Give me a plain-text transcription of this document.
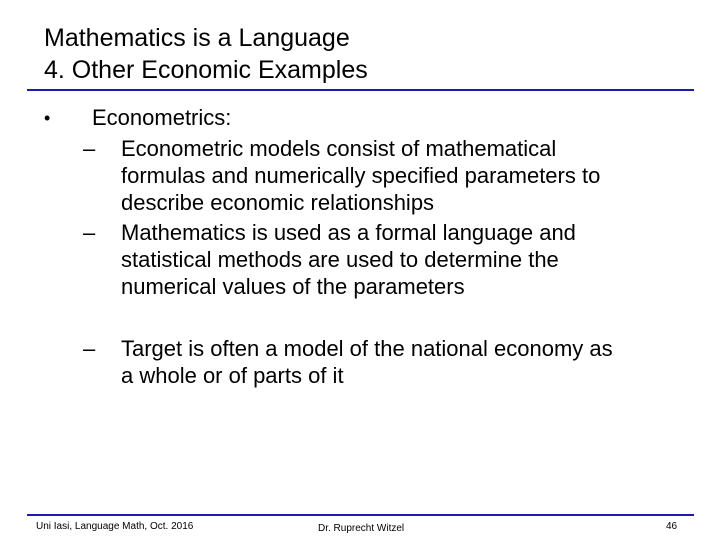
Mathematics is a Language
4. Other Economic Examples
• Econometrics:
– Econometric models consist of mathematical
formulas and numerically specified parameters to
describe economic relationships
– Mathematics is used as a formal language and
statistical methods are used to determine the
numerical values of the parameters
– Target is often a model of the national economy as
a whole or of parts of it
Uni Iasi, Language Math, Oct. 2016	Dr. Ruprecht Witzel	46
